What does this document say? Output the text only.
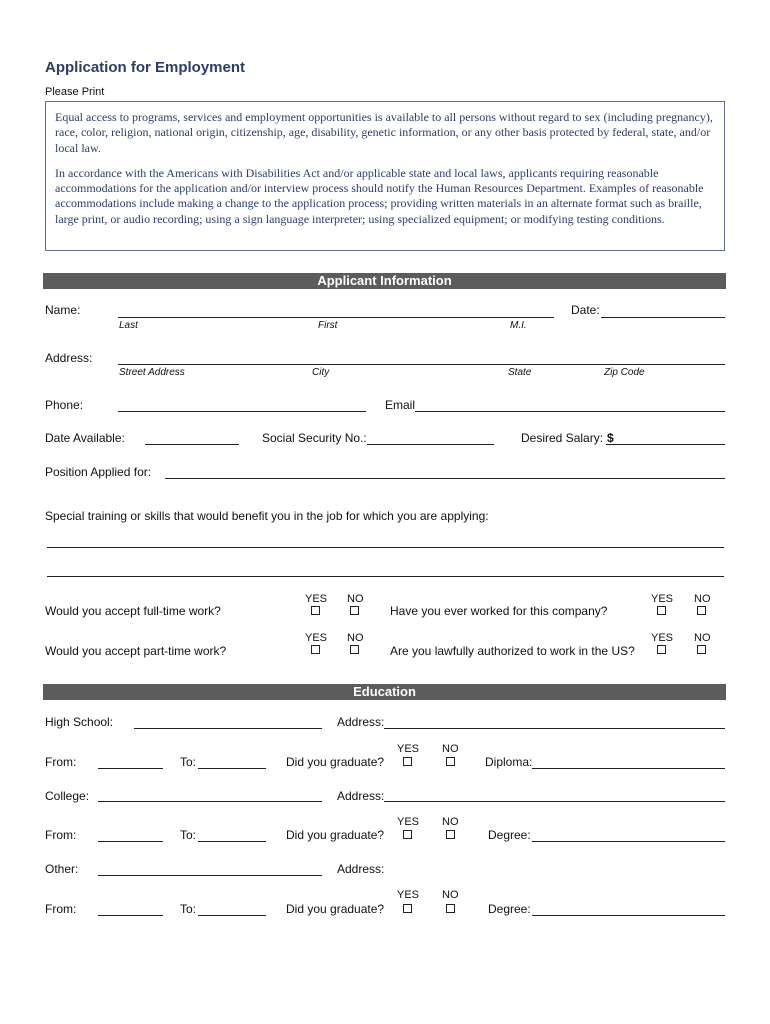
Application for Employment
Please Print

Equal access to programs, services and employment opportunities is available to all persons without regard to sex (including pregnancy), race, color, religion, national origin, citizenship, age, disability, genetic information, or any other basis protected by federal, state, and/or local law.

In accordance with the Americans with Disabilities Act and/or applicable state and local laws, applicants requiring reasonable accommodations for the application and/or interview process should notify the Human Resources Department. Examples of reasonable accommodations include making a change to the application process; providing written materials in an alternate format such as braille, large print, or audio recording; using a sign language interpreter; using specialized equipment; or modifying testing conditions.

Applicant Information
Name:	Date:
Last	First	M.I.
Address:
Street Address	City	State	Zip Code
Phone:	Email
Date Available:	Social Security No.:	Desired Salary: $
Position Applied for:
Special training or skills that would benefit you in the job for which you are applying:
YES NO
Would you accept full-time work?
YES NO
Have you ever worked for this company?
YES NO
Would you accept part-time work?
YES NO
Are you lawfully authorized to work in the US?
Education
High School:	Address:
YES NO
From:	To:	Did you graduate?	Diploma:
College:	Address:
YES NO
From:	To:	Did you graduate?	Degree:
Other:	Address:
YES NO
From:	To:	Did you graduate?	Degree:
